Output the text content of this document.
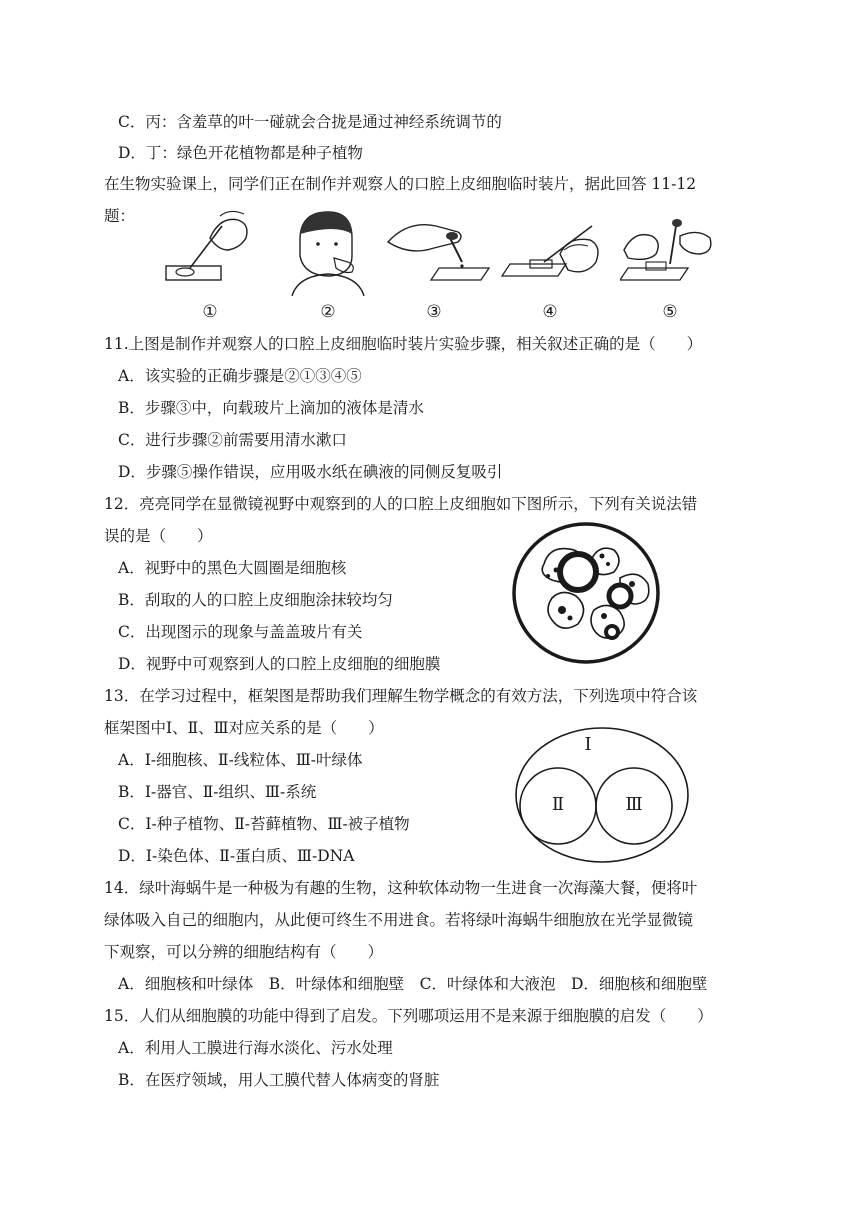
C．丙：含羞草的叶一碰就会合拢是通过神经系统调节的
D．丁：绿色开花植物都是种子植物
在生物实验课上，同学们正在制作并观察人的口腔上皮细胞临时装片，据此回答 11-12
题：
①	②	③	④	⑤
11.上图是制作并观察人的口腔上皮细胞临时装片实验步骤，相关叙述正确的是（　　）
A．该实验的正确步骤是②①③④⑤
B．步骤③中，向载玻片上滴加的液体是清水
C．进行步骤②前需要用清水漱口
D．步骤⑤操作错误，应用吸水纸在碘液的同侧反复吸引
12．亮亮同学在显微镜视野中观察到的人的口腔上皮细胞如下图所示，下列有关说法错
误的是（　　）
A．视野中的黑色大圆圈是细胞核
B．刮取的人的口腔上皮细胞涂抹较均匀
C．出现图示的现象与盖盖玻片有关
D．视野中可观察到人的口腔上皮细胞的细胞膜
13．在学习过程中，框架图是帮助我们理解生物学概念的有效方法，下列选项中符合该
框架图中Ⅰ、Ⅱ、Ⅲ对应关系的是（　　）
A．Ⅰ-细胞核、Ⅱ-线粒体、Ⅲ-叶绿体
B．Ⅰ-器官、Ⅱ-组织、Ⅲ-系统
C．Ⅰ-种子植物、Ⅱ-苔藓植物、Ⅲ-被子植物
D．Ⅰ-染色体、Ⅱ-蛋白质、Ⅲ-DNA
Ⅰ
Ⅱ	Ⅲ
14．绿叶海蜗牛是一种极为有趣的生物，这种软体动物一生进食一次海藻大餐，便将叶
绿体吸入自己的细胞内，从此便可终生不用进食。若将绿叶海蜗牛细胞放在光学显微镜
下观察，可以分辨的细胞结构有（　　）
A．细胞核和叶绿体　B．叶绿体和细胞壁　C．叶绿体和大液泡　D．细胞核和细胞壁
15．人们从细胞膜的功能中得到了启发。下列哪项运用不是来源于细胞膜的启发（　　）
A．利用人工膜进行海水淡化、污水处理
B．在医疗领域，用人工膜代替人体病变的肾脏
